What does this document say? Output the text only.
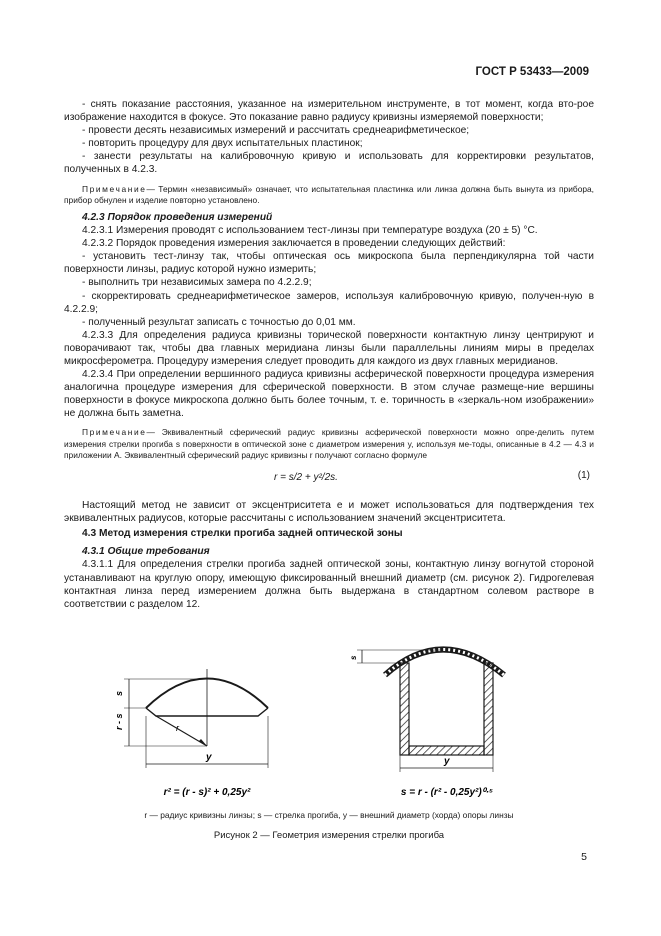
ГОСТ Р 53433—2009

- снять показание расстояния, указанное на измерительном инструменте, в тот момент, когда вто-рое изображение находится в фокусе. Это показание равно радиусу кривизны измеряемой поверхности;

- провести десять независимых измерений и рассчитать среднеарифметическое;

- повторить процедуру для двух испытательных пластинок;

- занести результаты на калибровочную кривую и использовать для корректировки результатов, полученных в 4.2.3.

Примечание— Термин «независимый» означает, что испытательная пластинка или линза должна быть вынута из прибора, прибор обнулен и изделие повторно установлено.

4.2.3 Порядок проведения измерений

4.2.3.1 Измерения проводят с использованием тест-линзы при температуре воздуха (20 ± 5) °С.

4.2.3.2 Порядок проведения измерения заключается в проведении следующих действий:

- установить тест-линзу так, чтобы оптическая ось микроскопа была перпендикулярна той части поверхности линзы, радиус которой нужно измерить;

- выполнить три независимых замера по 4.2.2.9;

- скорректировать среднеарифметическое замеров, используя калибровочную кривую, получен-ную в 4.2.2.9;

- полученный результат записать с точностью до 0,01 мм.

4.2.3.3 Для определения радиуса кривизны торической поверхности контактную линзу центрируют и поворачивают так, чтобы два главных меридиана линзы были параллельны линиям миры в пределах микросферометра. Процедуру измерения следует проводить для каждого из двух главных меридианов.

4.2.3.4 При определении вершинного радиуса кривизны асферической поверхности процедура измерения аналогична процедуре измерения для сферической поверхности. В этом случае размеще-ние вершины поверхности в фокусе микроскопа должно быть более точным, т. е. торичность в «зеркаль-ном изображении» не должна быть заметна.

Примечание— Эквивалентный сферический радиус кривизны асферической поверхности можно опре-делить путем измерения стрелки прогиба s поверхности в оптической зоне с диаметром измерения y, используя ме-тоды, описанные в 4.2 — 4.3 и приложении А. Эквивалентный сферический радиус кривизны r получают согласно формуле

r = s/2 + y²/2s.	(1)

Настоящий метод не зависит от эксцентриситета e и может использоваться для подтверждения тех эквивалентных радиусов, которые рассчитаны с использованием значений эксцентриситета.

4.3 Метод измерения стрелки прогиба задней оптической зоны

4.3.1 Общие требования

4.3.1.1 Для определения стрелки прогиба задней оптической зоны, контактную линзу вогнутой стороной устанавливают на круглую опору, имеющую фиксированный внешний диаметр (см. рисунок 2). Гидрогелевая контактная линза перед измерением должна быть выдержана в стандартном солевом растворе в соответствии с разделом 12.

s
r - s	r
y
r² = (r - s)² + 0,25y²
s
y
s = r - (r² - 0,25y²)⁰·⁵
r — радиус кривизны линзы; s — стрелка прогиба, y — внешний диаметр (хорда) опоры линзы
Рисунок 2 — Геометрия измерения стрелки прогиба
5
